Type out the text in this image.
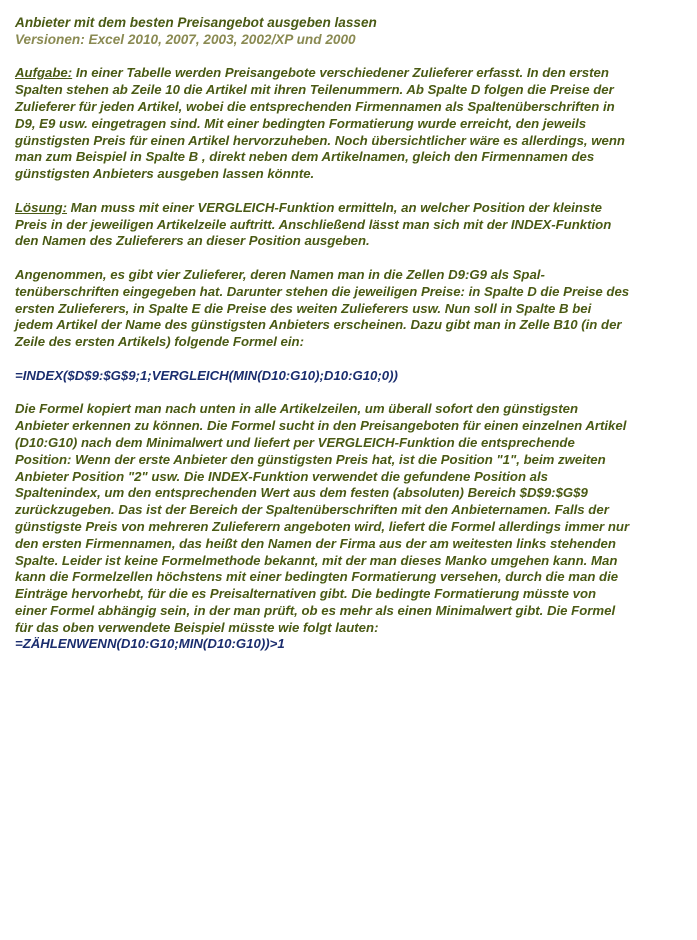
Anbieter mit dem besten Preisangebot ausgeben lassen

Versionen: Excel 2010, 2007, 2003, 2002/XP und 2000

Aufgabe: In einer Tabelle werden Preisangebote verschiedener Zulieferer erfasst. In den ersten Spalten stehen ab Zeile 10 die Artikel mit ihren Teilenummern. Ab Spalte D folgen die Preise der Zulieferer für jeden Artikel, wobei die entsprechenden Firmennamen als Spaltenüberschriften in D9, E9 usw. eingetragen sind. Mit einer bedingten Formatierung wurde erreicht, den jeweils günstigsten Preis für einen Artikel hervorzuheben. Noch übersichtlicher wäre es allerdings, wenn man zum Beispiel in Spalte B , direkt neben dem Artikelnamen, gleich den Firmennamen des günstigsten Anbieters ausgeben lassen könnte.

Lösung: Man muss mit einer VERGLEICH-Funktion ermitteln, an welcher Position der kleinste Preis in der jeweiligen Artikelzeile auftritt. Anschließend lässt man sich mit der INDEX-Funktion den Namen des Zulieferers an dieser Position ausgeben.

Angenommen, es gibt vier Zulieferer, deren Namen man in die Zellen D9:G9 als Spaltenüberschriften eingegeben hat. Darunter stehen die jeweiligen Preise: in Spalte D die Preise des ersten Zulieferers, in Spalte E die Preise des weiten Zulieferers usw. Nun soll in Spalte B bei jedem Artikel der Name des günstigsten Anbieters erscheinen. Dazu gibt man in Zelle B10 (in der Zeile des ersten Artikels) folgende Formel ein:

=INDEX($D$9:$G$9;1;VERGLEICH(MIN(D10:G10);D10:G10;0))

Die Formel kopiert man nach unten in alle Artikelzeilen, um überall sofort den günstigsten Anbieter erkennen zu können. Die Formel sucht in den Preisangeboten für einen einzelnen Artikel (D10:G10) nach dem Minimalwert und liefert per VERGLEICH-Funktion die entsprechende Position: Wenn der erste Anbieter den günstigsten Preis hat, ist die Position "1", beim zweiten Anbieter Position "2" usw. Die INDEX-Funktion verwendet die gefundene Position als Spaltenindex, um den entsprechenden Wert aus dem festen (absoluten) Bereich $D$9:$G$9 zurückzugeben. Das ist der Bereich der Spaltenüberschriften mit den Anbieternamen. Falls der günstigste Preis von mehreren Zulieferern angeboten wird, liefert die Formel allerdings immer nur den ersten Firmennamen, das heißt den Namen der Firma aus der am weitesten links stehenden Spalte. Leider ist keine Formelmethode bekannt, mit der man dieses Manko umgehen kann. Man kann die Formelzellen höchstens mit einer bedingten Formatierung versehen, durch die man die Einträge hervorhebt, für die es Preisalternativen gibt. Die bedingte Formatierung müsste von einer Formel abhängig sein, in der man prüft, ob es mehr als einen Minimalwert gibt. Die Formel für das oben verwendete Beispiel müsste wie folgt lauten:

=ZÄHLENWENN(D10:G10;MIN(D10:G10))>1
